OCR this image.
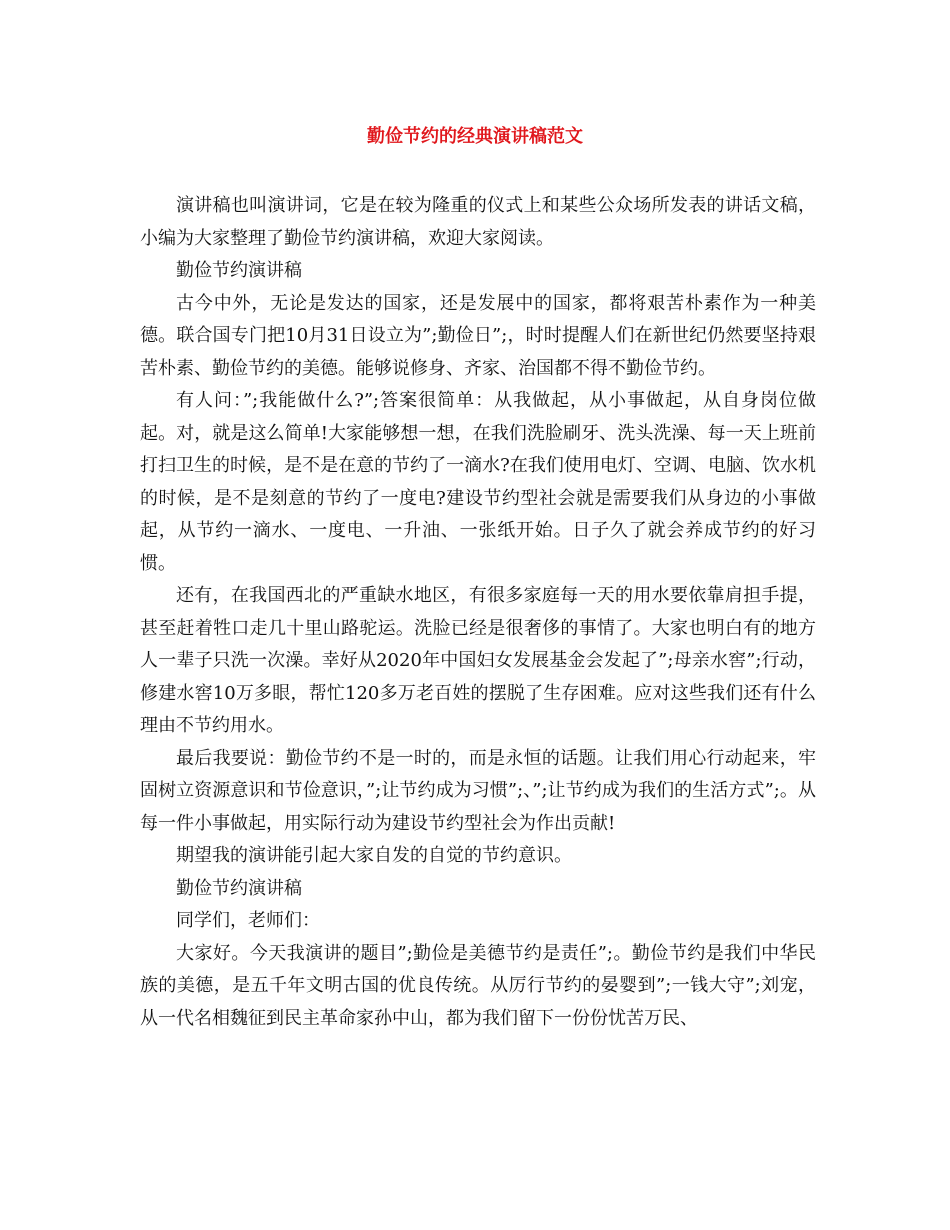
勤俭节约的经典演讲稿范文

演讲稿也叫演讲词，它是在较为隆重的仪式上和某些公众场所发表的讲话文稿，小编为大家整理了勤俭节约演讲稿，欢迎大家阅读。

勤俭节约演讲稿

古今中外，无论是发达的国家，还是发展中的国家，都将艰苦朴素作为一种美德。联合国专门把10月31日设立为”;勤俭日”;，时时提醒人们在新世纪仍然要坚持艰苦朴素、勤俭节约的美德。能够说修身、齐家、治国都不得不勤俭节约。

有人问：”;我能做什么?”;答案很简单：从我做起，从小事做起，从自身岗位做起。对，就是这么简单!大家能够想一想，在我们洗脸刷牙、洗头洗澡、每一天上班前打扫卫生的时候，是不是在意的节约了一滴水?在我们使用电灯、空调、电脑、饮水机的时候，是不是刻意的节约了一度电?建设节约型社会就是需要我们从身边的小事做起，从节约一滴水、一度电、一升油、一张纸开始。日子久了就会养成节约的好习惯。

还有，在我国西北的严重缺水地区，有很多家庭每一天的用水要依靠肩担手提，甚至赶着牲口走几十里山路驼运。洗脸已经是很奢侈的事情了。大家也明白有的地方人一辈子只洗一次澡。幸好从2020年中国妇女发展基金会发起了”;母亲水窖”;行动，修建水窖10万多眼，帮忙120多万老百姓的摆脱了生存困难。应对这些我们还有什么理由不节约用水。

最后我要说：勤俭节约不是一时的，而是永恒的话题。让我们用心行动起来，牢固树立资源意识和节俭意识，”;让节约成为习惯”;、”;让节约成为我们的生活方式”;。从每一件小事做起，用实际行动为建设节约型社会为作出贡献!

期望我的演讲能引起大家自发的自觉的节约意识。

勤俭节约演讲稿

同学们，老师们：

大家好。今天我演讲的题目”;勤俭是美德节约是责任”;。勤俭节约是我们中华民族的美德，是五千年文明古国的优良传统。从厉行节约的晏婴到”;一钱大守”;刘宠，从一代名相魏征到民主革命家孙中山，都为我们留下一份份忧苦万民、
